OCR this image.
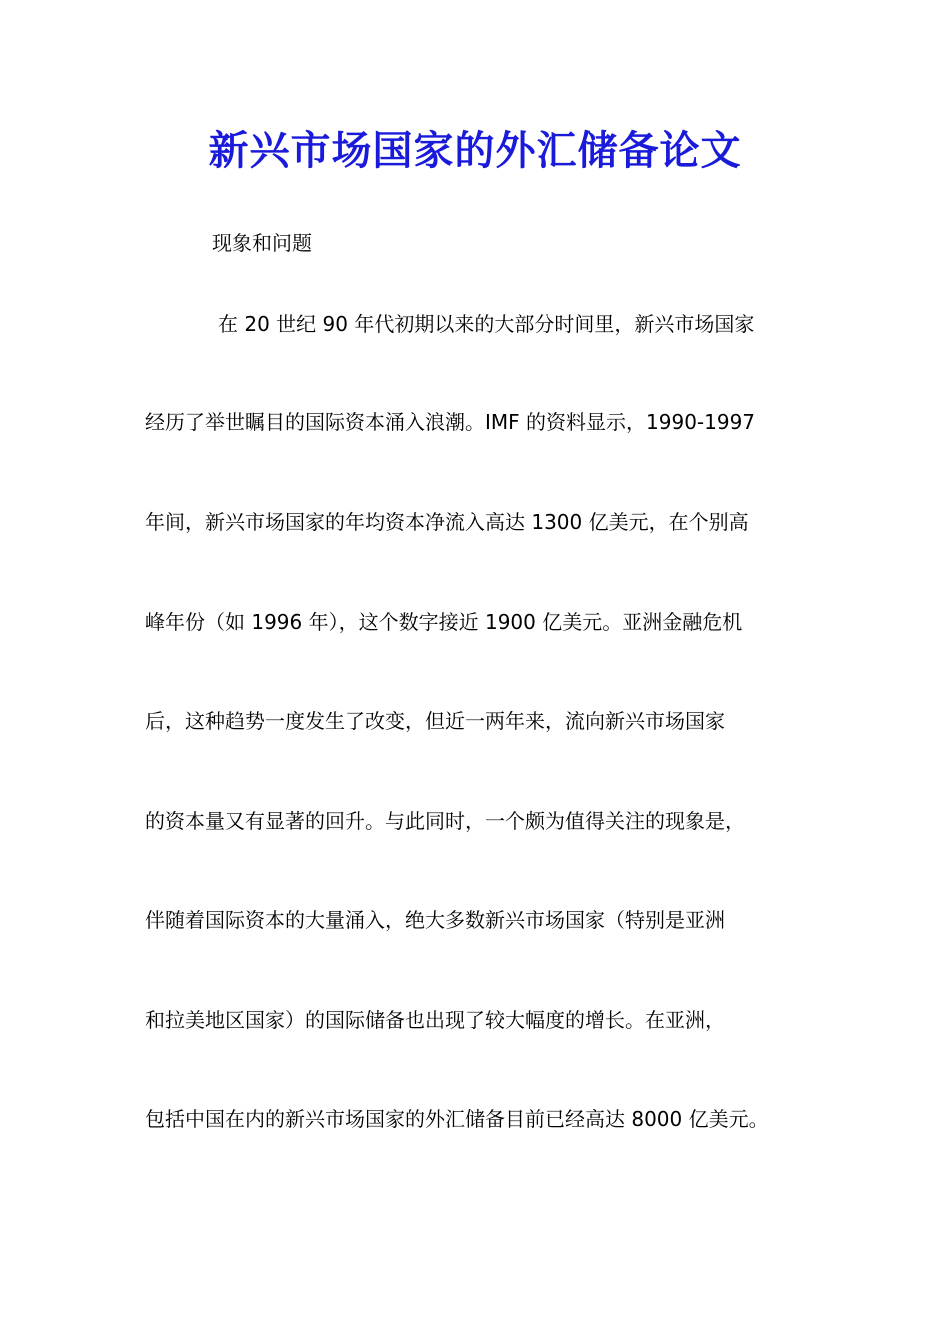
新兴市场国家的外汇储备论文

现象和问题

在 20 世纪 90 年代初期以来的大部分时间里，新兴市场国家

经历了举世瞩目的国际资本涌入浪潮。IMF 的资料显示，1990-1997

年间，新兴市场国家的年均资本净流入高达 1300 亿美元，在个别高

峰年份（如 1996 年），这个数字接近 1900 亿美元。亚洲金融危机

后，这种趋势一度发生了改变，但近一两年来，流向新兴市场国家

的资本量又有显著的回升。与此同时，一个颇为值得关注的现象是，

伴随着国际资本的大量涌入，绝大多数新兴市场国家（特别是亚洲

和拉美地区国家）的国际储备也出现了较大幅度的增长。在亚洲，

包括中国在内的新兴市场国家的外汇储备目前已经高达 8000 亿美元。
